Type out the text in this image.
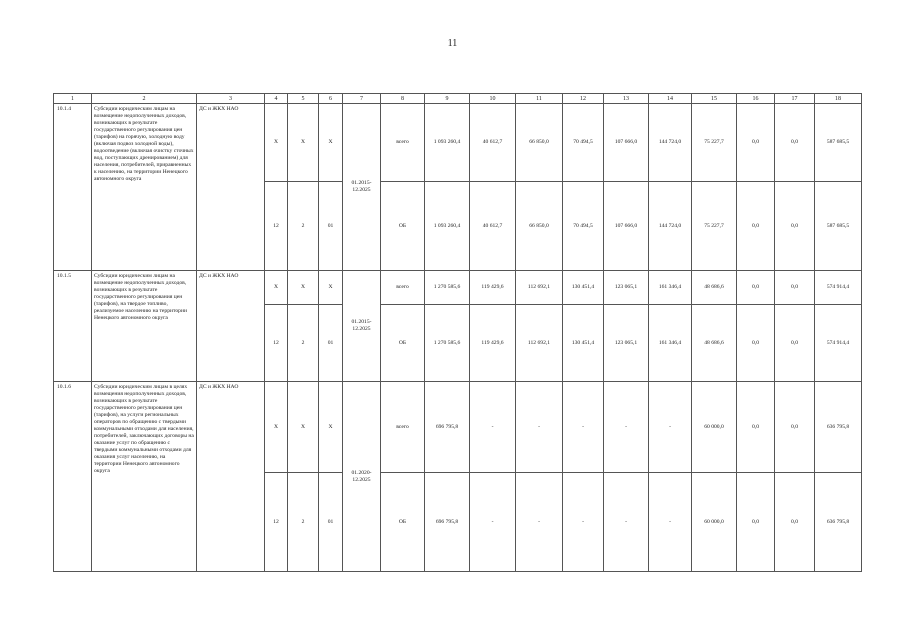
11
1	2	3	4	5	6	7	8	9	10	11	12	13	14	15	16	17	18
10.1.4	Субсидии юридическим лицам на возмещение недополученных доходов, возникающих в результате государственного регулирования цен (тарифов) на горячую, холодную воду (включая подвоз холодной воды), водоотведение (включая очистку сточных вод, поступающих дренированием) для населения, потребителей, приравненных к населению, на территории Ненецкого автономного округа	ДС и ЖКХ НАО	Х	Х	Х	01.2015-12.2025	всего	1 093 260,4	40 612,7	66 850,0	70 494,5	107 666,0	144 724,0	75 227,7	0,0	0,0	587 685,5
			12	2	01		ОБ	1 093 260,4	40 612,7	66 850,0	70 494,5	107 666,0	144 724,0	75 227,7	0,0	0,0	587 685,5
10.1.5	Субсидии юридическим лицам на возмещение недополученных доходов, возникающих в результате государственного регулирования цен (тарифов), на твердое топливо, реализуемое населению на территории Ненецкого автономного округа	ДС и ЖКХ НАО	Х	Х	Х	01.2015-12.2025	всего	1 270 585,6	119 429,6	112 692,1	130 451,4	123 065,1	161 346,4	48 686,6	0,0	0,0	574 914,4
			12	2	01		ОБ	1 270 585,6	119 429,6	112 692,1	130 451,4	123 065,1	161 346,4	48 686,6	0,0	0,0	574 914,4
10.1.6	Субсидии юридическим лицам в целях возмещения недополученных доходов, возникающих в результате государственного регулирования цен (тарифов), на услуги региональных операторов по обращению с твердыми коммунальными отходами для населения, потребителей, заключающих договоры на оказание услуг по обращению с твердыми коммунальными отходами для оказания услуг населению, на территории Ненецкого автономного округа	ДС и ЖКХ НАО	Х	Х	Х	01.2020-12.2025	всего	696 795,8	-	-	-	-	-	60 000,0	0,0	0,0	636 795,8
			12	2	01		ОБ	696 795,8	-	-	-	-	-	60 000,0	0,0	0,0	636 795,8
